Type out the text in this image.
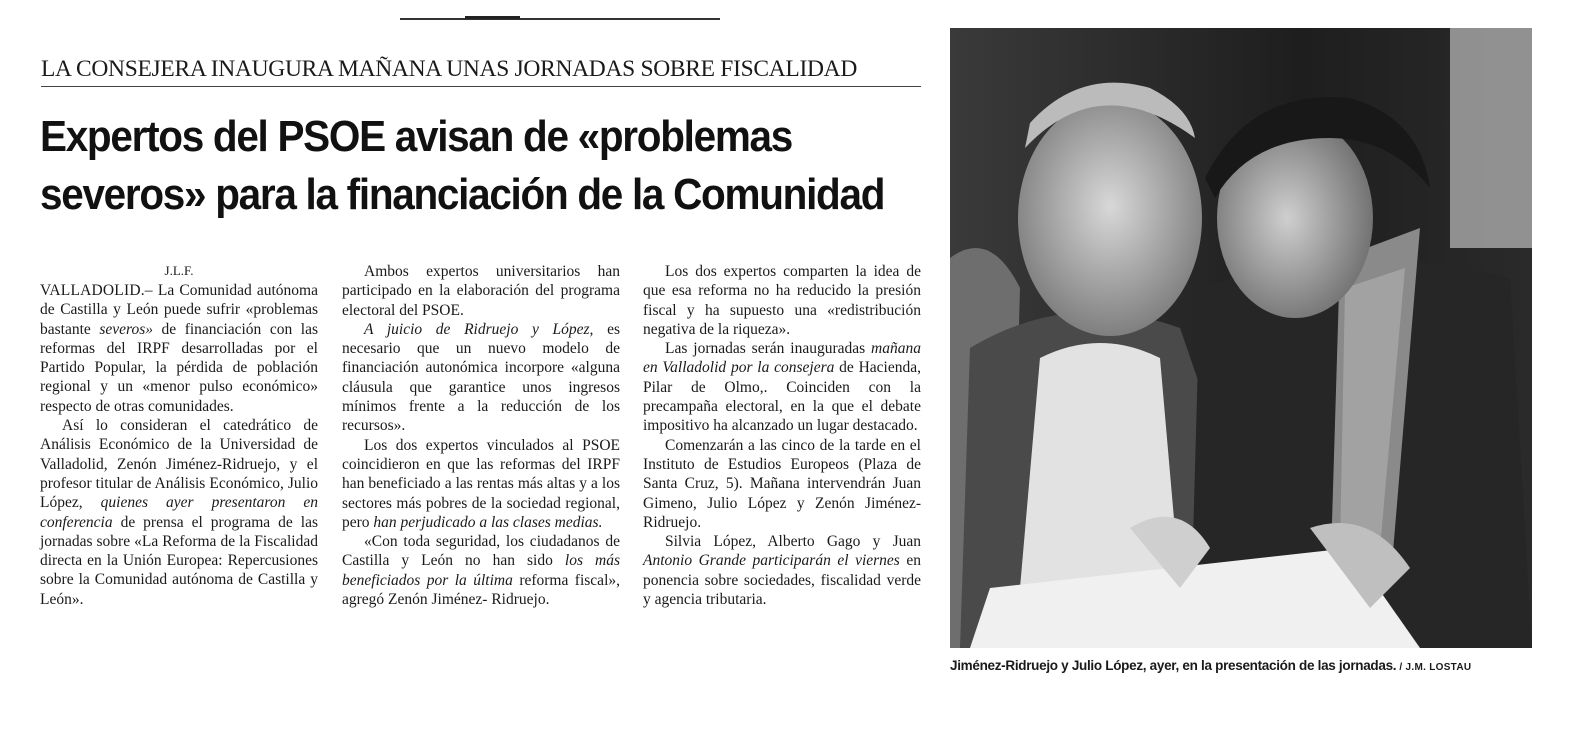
LA CONSEJERA INAUGURA MAÑANA UNAS JORNADAS SOBRE FISCALIDAD
Expertos del PSOE avisan de «problemas
severos» para la financiación de la Comunidad
J.L.F.

VALLADOLID.– La Comunidad autónoma de Castilla y León puede sufrir «problemas bastante severos» de financiación con las reformas del IRPF desarrolladas por el Partido Popular, la pérdida de población regional y un «menor pulso económico» respecto de otras comunidades.

Así lo consideran el catedrático de Análisis Económico de la Universidad de Valladolid, Zenón Jiménez-Ridruejo, y el profesor titular de Análisis Económico, Julio López, quienes ayer presentaron en conferencia de prensa el programa de las jornadas sobre «La Reforma de la Fiscalidad directa en la Unión Europea: Repercusiones sobre la Comunidad autónoma de Castilla y León».

Ambos expertos universitarios han participado en la elaboración del programa electoral del PSOE.

A juicio de Ridruejo y López, es necesario que un nuevo modelo de financiación autonómica incorpore «alguna cláusula que garantice unos ingresos mínimos frente a la reducción de los recursos».

Los dos expertos vinculados al PSOE coincidieron en que las reformas del IRPF han beneficiado a las rentas más altas y a los sectores más pobres de la sociedad regional, pero han perjudicado a las clases medias.

«Con toda seguridad, los ciudadanos de Castilla y León no han sido los más beneficiados por la última reforma fiscal», agregó Zenón Jiménez- Ridruejo.

Los dos expertos comparten la idea de que esa reforma no ha reducido la presión fiscal y ha supuesto una «redistribución negativa de la riqueza».

Las jornadas serán inauguradas mañana en Valladolid por la consejera de Hacienda, Pilar de Olmo,. Coinciden con la precampaña electoral, en la que el debate impositivo ha alcanzado un lugar destacado.

Comenzarán a las cinco de la tarde en el Instituto de Estudios Europeos (Plaza de Santa Cruz, 5). Mañana intervendrán Juan Gimeno, Julio López y Zenón Jiménez-Ridruejo.

Silvia López, Alberto Gago y Juan Antonio Grande participarán el viernes en ponencia sobre sociedades, fiscalidad verde y agencia tributaria.

Jiménez-Ridruejo y Julio López, ayer, en la presentación de las jornadas. / J.M. LOSTAU
